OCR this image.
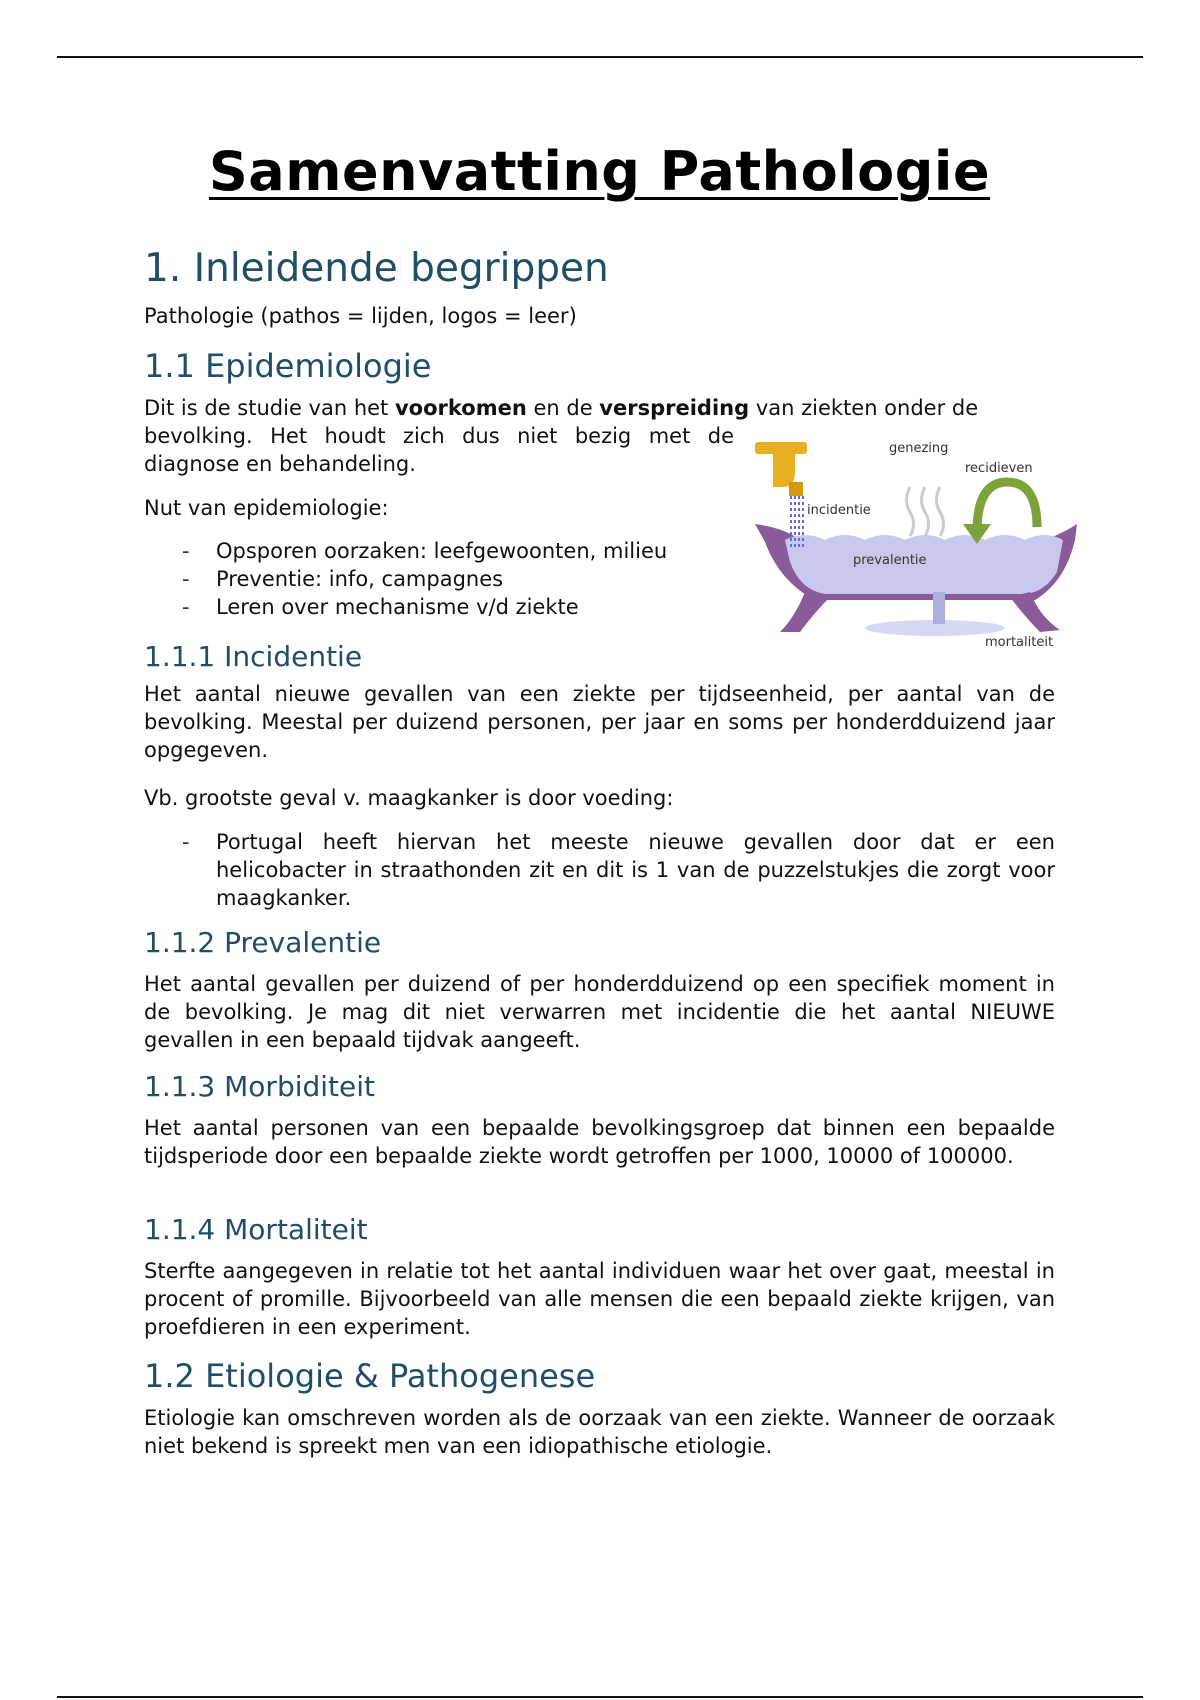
Samenvatting Pathologie
1. Inleidende begrippen

Pathologie (pathos = lijden, logos = leer)

1.1 Epidemiologie

Dit is de studie van het voorkomen en de verspreiding van ziekten onder de

bevolking. Het houdt zich dus niet bezig met de diagnose en behandeling.

Nut van epidemiologie:

- Opsporen oorzaken: leefgewoonten, milieu
- Preventie: info, campagnes
- Leren over mechanisme v/d ziekte
1.1.1 Incidentie

Het aantal nieuwe gevallen van een ziekte per tijdseenheid, per aantal van de bevolking. Meestal per duizend personen, per jaar en soms per honderdduizend jaar opgegeven.

Vb. grootste geval v. maagkanker is door voeding:

- Portugal heeft hiervan het meeste nieuwe gevallen door dat er een helicobacter in straathonden zit en dit is 1 van de puzzelstukjes die zorgt voor maagkanker.
1.1.2 Prevalentie

Het aantal gevallen per duizend of per honderdduizend op een specifiek moment in de bevolking. Je mag dit niet verwarren met incidentie die het aantal NIEUWE gevallen in een bepaald tijdvak aangeeft.

1.1.3 Morbiditeit

Het aantal personen van een bepaalde bevolkingsgroep dat binnen een bepaalde tijdsperiode door een bepaalde ziekte wordt getroffen per 1000, 10000 of 100000.

1.1.4 Mortaliteit

Sterfte aangegeven in relatie tot het aantal individuen waar het over gaat, meestal in procent of promille. Bijvoorbeeld van alle mensen die een bepaald ziekte krijgen, van proefdieren in een experiment.

1.2 Etiologie & Pathogenese

Etiologie kan omschreven worden als de oorzaak van een ziekte. Wanneer de oorzaak niet bekend is spreekt men van een idiopathische etiologie.

genezing
recidieven
incidentie
prevalentie
mortaliteit
